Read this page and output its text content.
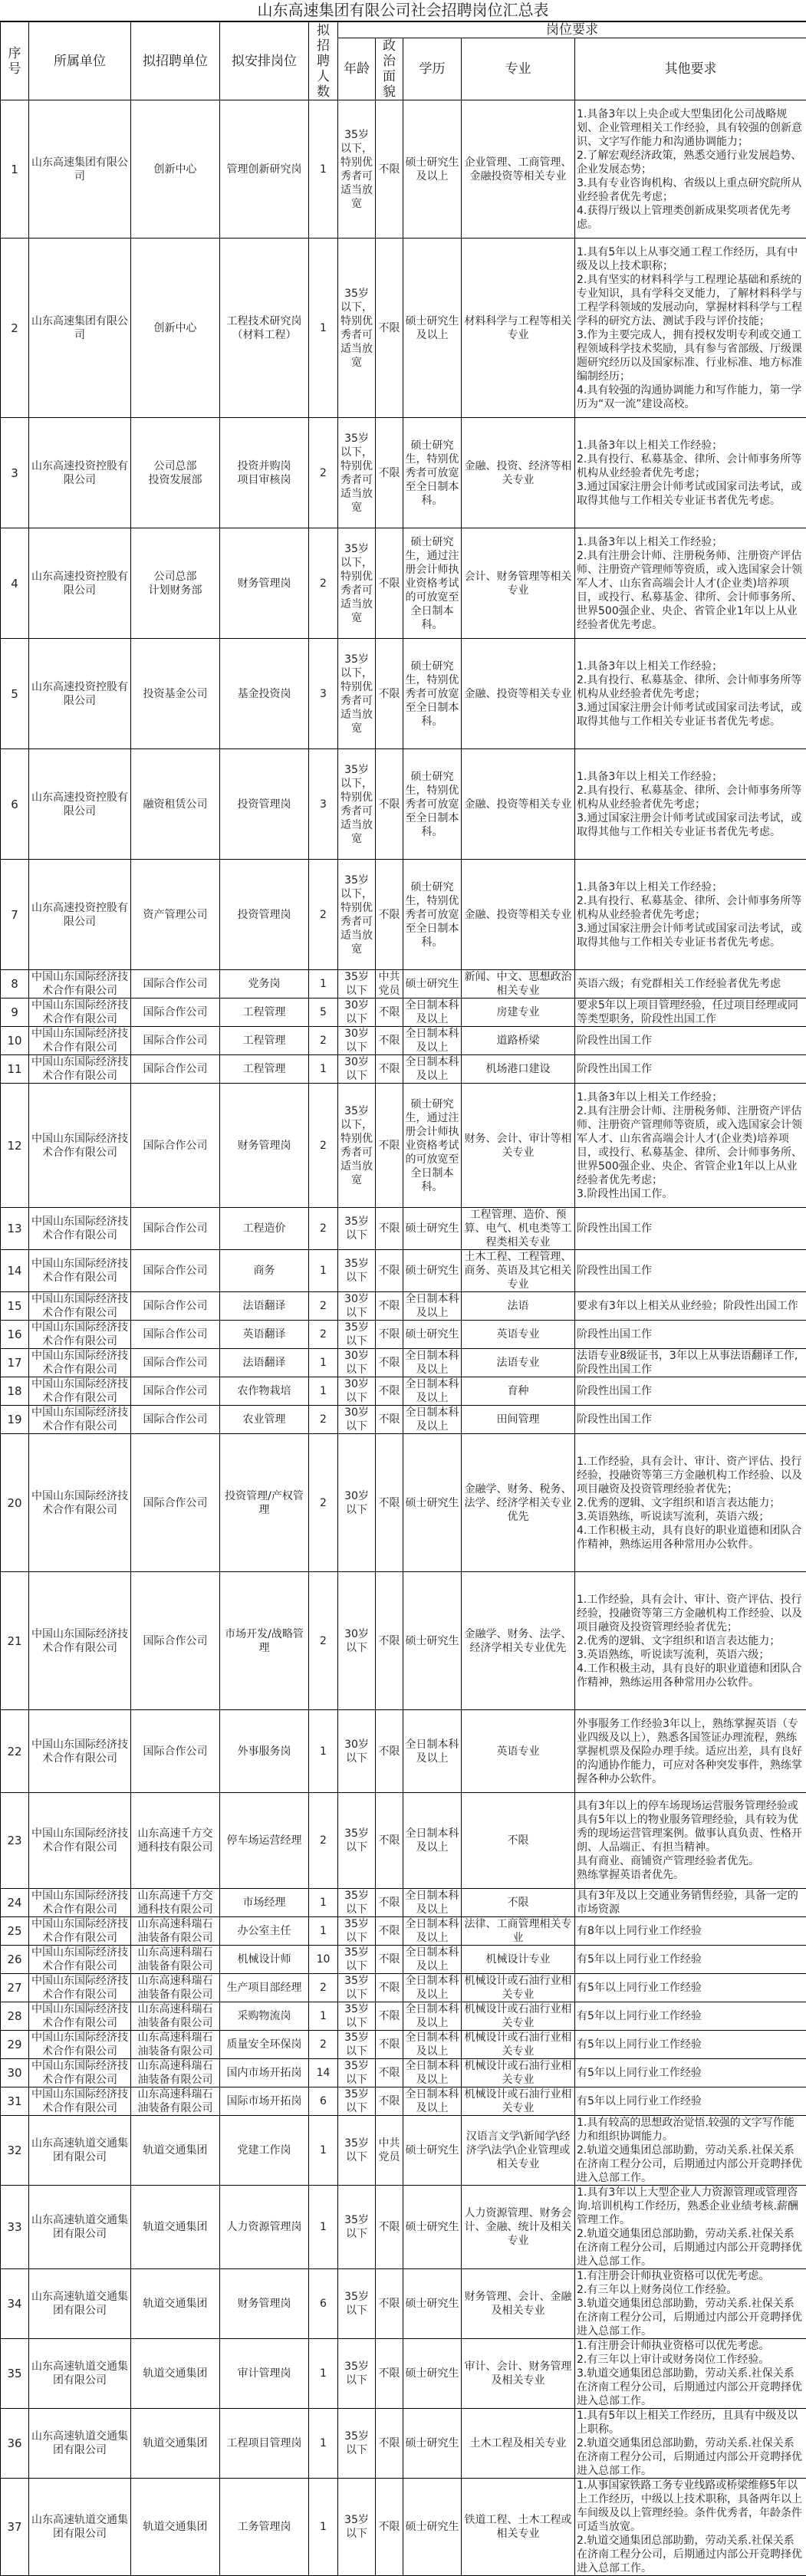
山东高速集团有限公司社会招聘岗位汇总表
序号	所属单位	拟招聘单位	拟安排岗位	拟招聘人数	岗位要求				
					年龄	政治面貌	学历	专业	其他要求
1	山东高速集团有限公司	创新中心	管理创新研究岗	1	35岁以下，特别优秀者可适当放宽	不限	硕士研究生及以上	企业管理、工商管理、金融投资等相关专业	1.具备3年以上央企或大型集团化公司战略规划、企业管理相关工作经验，具有较强的创新意识、文字写作能力和沟通协调能力；
2.了解宏观经济政策，熟悉交通行业发展趋势、企业发展态势；
3.具有专业咨询机构、省级以上重点研究院所从业经验者优先考虑；
4.获得厅级以上管理类创新成果奖项者优先考虑。
2	山东高速集团有限公司	创新中心	工程技术研究岗（材料工程）	1	35岁以下，特别优秀者可适当放宽	不限	硕士研究生及以上	材料科学与工程等相关专业	1.具有5年以上从事交通工程工作经历，具有中级及以上技术职称；
2.具有坚实的材料科学与工程理论基础和系统的专业知识，具有学科交叉能力，了解材料科学与工程学科领域的发展动向，掌握材料科学与工程学科的研究方法、测试手段与评价技能；
3.作为主要完成人，拥有授权发明专利或交通工程领域科学技术奖励，具有参与省部级、厅级课题研究经历以及国家标准、行业标准、地方标准编制经历；
4.具有较强的沟通协调能力和写作能力，第一学历为“双一流”建设高校。
3	山东高速投资控股有限公司	公司总部
投资发展部	投资并购岗
项目审核岗	2	35岁以下，特别优秀者可适当放宽	不限	硕士研究生，特别优秀者可放宽至全日制本科。	金融、投资、经济等相关专业	1.具备3年以上相关工作经验；
2.具有投行、私募基金、律所、会计师事务所等机构从业经验者优先考虑；
3.通过国家注册会计师考试或国家司法考试，或取得其他与工作相关专业证书者优先考虑。
4	山东高速投资控股有限公司	公司总部
计划财务部	财务管理岗	2	35岁以下，特别优秀者可适当放宽	不限	硕士研究生，通过注册会计师执业资格考试的可放宽至全日制本科。	会计、财务管理等相关专业	1.具备3年以上相关工作经验；
2.具有注册会计师、注册税务师、注册资产评估师、注册资产管理师等资质，或入选国家会计领军人才、山东省高端会计人才(企业类)培养项目，或投行、私募基金、律所、会计师事务所、世界500强企业、央企、省管企业1年以上从业经验者优先考虑。
5	山东高速投资控股有限公司	投资基金公司	基金投资岗	3	35岁以下，特别优秀者可适当放宽	不限	硕士研究生，特别优秀者可放宽至全日制本科。	金融、投资等相关专业	1.具备3年以上相关工作经验；
2.具有投行、私募基金、律所、会计师事务所等机构从业经验者优先考虑；
3.通过国家注册会计师考试或国家司法考试，或取得其他与工作相关专业证书者优先考虑。
6	山东高速投资控股有限公司	融资租赁公司	投资管理岗	3	35岁以下，特别优秀者可适当放宽	不限	硕士研究生，特别优秀者可放宽至全日制本科。	金融、投资等相关专业	1.具备3年以上相关工作经验；
2.具有投行、私募基金、律所、会计师事务所等机构从业经验者优先考虑；
3.通过国家注册会计师考试或国家司法考试，或取得其他与工作相关专业证书者优先考虑。
7	山东高速投资控股有限公司	资产管理公司	投资管理岗	2	35岁以下，特别优秀者可适当放宽	不限	硕士研究生，特别优秀者可放宽至全日制本科。	金融、投资等相关专业	1.具备3年以上相关工作经验；
2.具有投行、私募基金、律所、会计师事务所等机构从业经验者优先考虑；
3.通过国家注册会计师考试或国家司法考试，或取得其他与工作相关专业证书者优先考虑。
8	中国山东国际经济技术合作有限公司	国际合作公司	党务岗	1	35岁以下	中共党员	硕士研究生	新闻、中文、思想政治相关专业	英语六级；有党群相关工作经验者优先考虑
9	中国山东国际经济技术合作有限公司	国际合作公司	工程管理	5	30岁以下	不限	全日制本科及以上	房建专业	要求5年以上项目管理经验，任过项目经理或同等类型职务，阶段性出国工作
10	中国山东国际经济技术合作有限公司	国际合作公司	工程管理	2	30岁以下	不限	全日制本科及以上	道路桥梁	阶段性出国工作
11	中国山东国际经济技术合作有限公司	国际合作公司	工程管理	1	30岁以下	不限	全日制本科及以上	机场港口建设	阶段性出国工作
12	中国山东国际经济技术合作有限公司	国际合作公司	财务管理岗	2	35岁以下，特别优秀者可适当放宽	不限	硕士研究生，通过注册会计师执业资格考试的可放宽至全日制本科。	财务、会计、审计等相关专业	1.具备3年以上相关工作经验；
2.具有注册会计师、注册税务师、注册资产评估师、注册资产管理师等资质，或入选国家会计领军人才、山东省高端会计人才(企业类)培养项目，或投行、私募基金、律所、会计师事务所、世界500强企业、央企、省管企业1年以上从业经验者优先考虑；
3.阶段性出国工作。
13	中国山东国际经济技术合作有限公司	国际合作公司	工程造价	2	35岁以下	不限	硕士研究生	工程管理、造价、预算、电气、机电类等工程类相关专业	阶段性出国工作
14	中国山东国际经济技术合作有限公司	国际合作公司	商务	1	35岁以下	不限	硕士研究生	土木工程、工程管理、商务、英语及其它相关专业	阶段性出国工作
15	中国山东国际经济技术合作有限公司	国际合作公司	法语翻译	2	30岁以下	不限	全日制本科及以上	法语	要求有3年以上相关从业经验；阶段性出国工作
16	中国山东国际经济技术合作有限公司	国际合作公司	英语翻译	2	35岁以下	不限	硕士研究生	英语专业	阶段性出国工作
17	中国山东国际经济技术合作有限公司	国际合作公司	法语翻译	1	30岁以下	不限	全日制本科及以上	法语专业	法语专业8级证书，3年以上从事法语翻译工作,阶段性出国工作
18	中国山东国际经济技术合作有限公司	国际合作公司	农作物栽培	1	30岁以下	不限	全日制本科及以上	育种	阶段性出国工作
19	中国山东国际经济技术合作有限公司	国际合作公司	农业管理	2	30岁以下	不限	全日制本科及以上	田间管理	阶段性出国工作
20	中国山东国际经济技术合作有限公司	国际合作公司	投资管理/产权管理	2	30岁以下	不限	硕士研究生	金融学、财务、税务、法学、经济学相关专业优先	1.工作经验，具有会计、审计、资产评估、投行经验，投融资等第三方金融机构工作经验、以及项目融资及投资管理经验者优先；
2.优秀的逻辑、文字组织和语言表达能力；
3.英语熟练，听说读写流利，英语六级；
4.工作积极主动，具有良好的职业道德和团队合作精神，熟练运用各种常用办公软件。
21	中国山东国际经济技术合作有限公司	国际合作公司	市场开发/战略管理	2	30岁以下	不限	硕士研究生	金融学、财务、法学、经济学相关专业优先	1.工作经验，具有会计、审计、资产评估、投行经验，投融资等第三方金融机构工作经验、以及项目融资及投资管理经验者优先；
2.优秀的逻辑、文字组织和语言表达能力；
3.英语熟练，听说读写流利，英语六级；
4.工作积极主动，具有良好的职业道德和团队合作精神，熟练运用各种常用办公软件。
22	中国山东国际经济技术合作有限公司	国际合作公司	外事服务岗	1	30岁以下	不限	全日制本科及以上	英语专业	外事服务工作经验3年以上，熟练掌握英语（专业四级及以上），熟悉各国签证办理流程，熟练掌握机票及保险办理手续。适应出差，具有良好的沟通协作能力，可应对各种突发事件，熟练掌握各种办公软件。
23	中国山东国际经济技术合作有限公司	山东高速千方交通科技有限公司	停车场运营经理	2	35岁以下	不限	全日制本科及以上	不限	具有3年以上的停车场现场运营服务管理经验或具有5年以上的物业服务管理经验，具有较为优秀的现场运营管理案例。做事认真负责、性格开朗、人品端正、有担当精神。
具有商业、商铺资产管理经验者优先。
熟练掌握英语者优先。
24	中国山东国际经济技术合作有限公司	山东高速千方交通科技有限公司	市场经理	1	35岁以下	不限	全日制本科及以上	不限	具有3年及以上交通业务销售经验，具备一定的市场资源
25	中国山东国际经济技术合作有限公司	山东高速科瑞石油装备有限公司	办公室主任	1	35岁以下	不限	全日制本科及以上	法律、工商管理相关专业	有8年以上同行业工作经验
26	中国山东国际经济技术合作有限公司	山东高速科瑞石油装备有限公司	机械设计师	10	35岁以下	不限	全日制本科及以上	机械设计专业	有5年以上同行业工作经验
27	中国山东国际经济技术合作有限公司	山东高速科瑞石油装备有限公司	生产项目部经理	2	35岁以下	不限	全日制本科及以上	机械设计或石油行业相关专业	有5年以上同行业工作经验
28	中国山东国际经济技术合作有限公司	山东高速科瑞石油装备有限公司	采购物流岗	1	35岁以下	不限	全日制本科及以上	机械设计或石油行业相关专业	有5年以上同行业工作经验
29	中国山东国际经济技术合作有限公司	山东高速科瑞石油装备有限公司	质量安全环保岗	2	35岁以下	不限	全日制本科及以上	机械设计或石油行业相关专业	有5年以上同行业工作经验
30	中国山东国际经济技术合作有限公司	山东高速科瑞石油装备有限公司	国内市场开拓岗	14	35岁以下	不限	全日制本科及以上	机械设计或石油行业相关专业	有5年以上同行业工作经验
31	中国山东国际经济技术合作有限公司	山东高速科瑞石油装备有限公司	国际市场开拓岗	6	35岁以下	不限	全日制本科及以上	机械设计或石油行业相关专业	有5年以上同行业工作经验
32	山东高速轨道交通集团有限公司	轨道交通集团	党建工作岗	1	35岁以下	中共党员	硕士研究生	汉语言文学\新闻学\经济学\法学\企业管理或相关专业	1.具有较高的思想政治觉悟.较强的文字写作能力和组织协调能力。
2.轨道交通集团总部助勤，劳动关系.社保关系在济南工程分公司，后期通过内部公开竞聘择优进入总部工作。
33	山东高速轨道交通集团有限公司	轨道交通集团	人力资源管理岗	1	35岁以下	不限	硕士研究生	人力资源管理、财务会计、金融、统计及相关专业	1.具有3年以上大型企业人力资源管理或管理咨询.培训机构工作经历，熟悉企业业绩考核.薪酬管理工作。
2.轨道交通集团总部助勤，劳动关系.社保关系在济南工程分公司，后期通过内部公开竞聘择优进入总部工作。
34	山东高速轨道交通集团有限公司	轨道交通集团	财务管理岗	6	35岁以下	不限	硕士研究生	财务管理、会计、金融及相关专业	1.有注册会计师执业资格可以优先考虑。
2.有三年以上财务岗位工作经验。
3.轨道交通集团总部助勤，劳动关系.社保关系在济南工程分公司，后期通过内部公开竞聘择优进入总部工作。
35	山东高速轨道交通集团有限公司	轨道交通集团	审计管理岗	1	35岁以下	不限	硕士研究生	审计、会计、财务管理及相关专业	1.有注册会计师执业资格可以优先考虑。
2.有三年以上审计或财务岗位工作经验。
3.轨道交通集团总部助勤，劳动关系.社保关系在济南工程分公司，后期通过内部公开竞聘择优进入总部工作。
36	山东高速轨道交通集团有限公司	轨道交通集团	工程项目管理岗	1	35岁以下	不限	硕士研究生	土木工程及相关专业	1.具有5年以上相关工作经历，且具有中级及以上职称。
2.轨道交通集团总部助勤，劳动关系.社保关系在济南工程分公司，后期通过内部公开竞聘择优进入总部工作。
37	山东高速轨道交通集团有限公司	轨道交通集团	工务管理岗	1	35岁以下	不限	硕士研究生	铁道工程、土木工程或相关专业	1.从事国家铁路工务专业线路或桥梁维修5年以上工作经历，中级以上技术职称，具备两年以上车间级及以上管理经验。条件优秀者，年龄条件可适当放宽。
2.轨道交通集团总部助勤，劳动关系.社保关系在济南工程分公司，后期通过内部公开竞聘择优进入总部工作。
